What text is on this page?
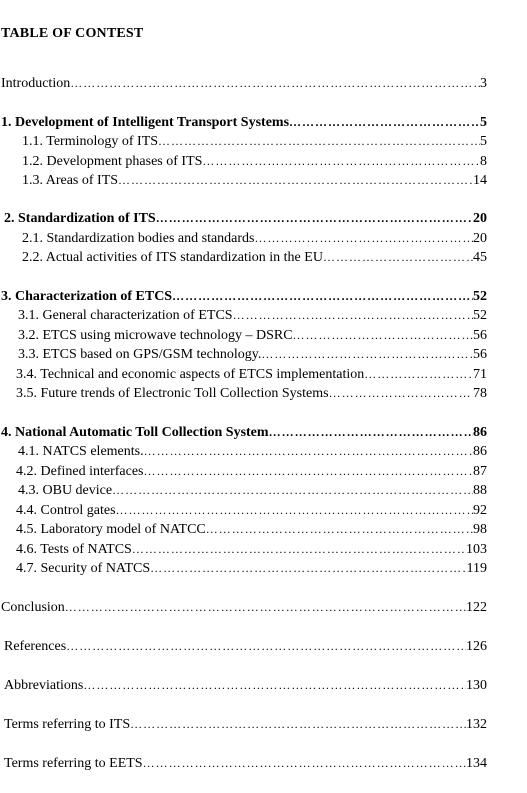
TABLE OF CONTEST
Introduction ………………………………………………………………………………………………………………………………………………………	3
1. Development of Intelligent Transport Systems ………………………………………………………………………………………………………………………………………………………	5
1.1. Terminology of ITS ………………………………………………………………………………………………………………………………………………………	5
1.2. Development phases of ITS ………………………………………………………………………………………………………………………………………………………	8
1.3. Areas of ITS ………………………………………………………………………………………………………………………………………………………	14
2. Standardization of ITS ………………………………………………………………………………………………………………………………………………………	20
2.1. Standardization bodies and standards ………………………………………………………………………………………………………………………………………………………	20
2.2. Actual activities of ITS standardization in the EU ………………………………………………………………………………………………………………………………………………………	45
3. Characterization of ETCS ………………………………………………………………………………………………………………………………………………………	52
3.1. General characterization of ETCS ………………………………………………………………………………………………………………………………………………………	52
3.2. ETCS using microwave technology – DSRC ………………………………………………………………………………………………………………………………………………………	56
3.3. ETCS based on GPS/GSM technology. ………………………………………………………………………………………………………………………………………………………	56
3.4. Technical and economic aspects of ETCS implementation ………………………………………………………………………………………………………………………………………………………	71
3.5. Future trends of Electronic Toll Collection Systems ………………………………………………………………………………………………………………………………………………………	78
4. National Automatic Toll Collection System ………………………………………………………………………………………………………………………………………………………	86
4.1. NATCS elements. ………………………………………………………………………………………………………………………………………………………	86
4.2. Defined interfaces ………………………………………………………………………………………………………………………………………………………	87
4.3. OBU device ………………………………………………………………………………………………………………………………………………………	88
4.4. Control gates ………………………………………………………………………………………………………………………………………………………	92
4.5. Laboratory model of NATCC ………………………………………………………………………………………………………………………………………………………	98
4.6. Tests of NATCS ………………………………………………………………………………………………………………………………………………………	103
4.7. Security of NATCS ………………………………………………………………………………………………………………………………………………………	119
Conclusion ………………………………………………………………………………………………………………………………………………………	122
References ………………………………………………………………………………………………………………………………………………………	126
Abbreviations ………………………………………………………………………………………………………………………………………………………	130
Terms referring to ITS ………………………………………………………………………………………………………………………………………………………	132
Terms referring to EETS ………………………………………………………………………………………………………………………………………………………	134
